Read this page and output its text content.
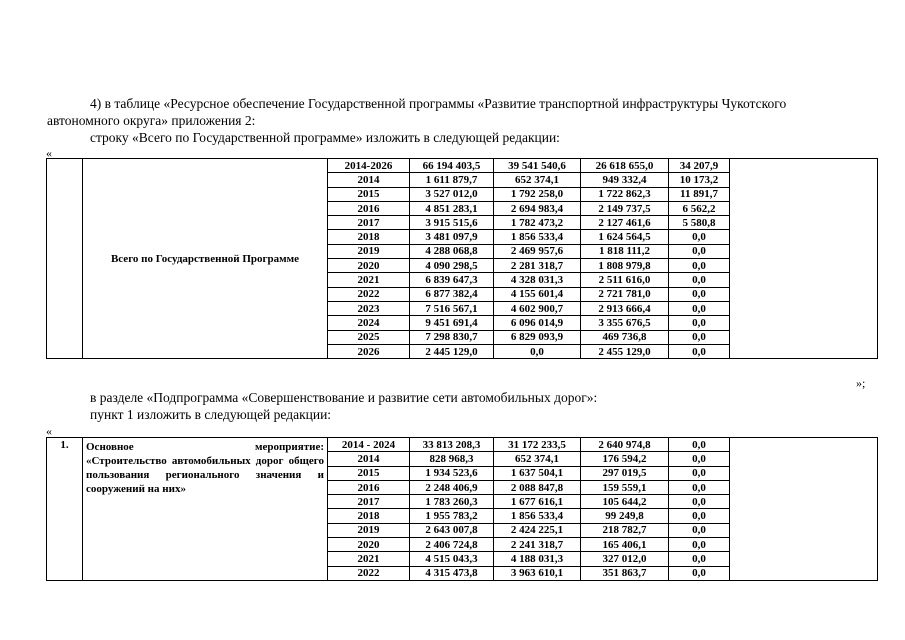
4) в таблице «Ресурсное обеспечение Государственной программы «Развитие транспортной инфраструктуры Чукотского
автономного округа» приложения 2:
строку «Всего по Государственной программе» изложить в следующей редакции:
«
	Всего по Государственной Программе	2014-2026	66 194 403,5	39 541 540,6	26 618 655,0	34 207,9	
		2014	1 611 879,7	652 374,1	949 332,4	10 173,2	
		2015	3 527 012,0	1 792 258,0	1 722 862,3	11 891,7	
		2016	4 851 283,1	2 694 983,4	2 149 737,5	6 562,2	
		2017	3 915 515,6	1 782 473,2	2 127 461,6	5 580,8	
		2018	3 481 097,9	1 856 533,4	1 624 564,5	0,0	
		2019	4 288 068,8	2 469 957,6	1 818 111,2	0,0	
		2020	4 090 298,5	2 281 318,7	1 808 979,8	0,0	
		2021	6 839 647,3	4 328 031,3	2 511 616,0	0,0	
		2022	6 877 382,4	4 155 601,4	2 721 781,0	0,0	
		2023	7 516 567,1	4 602 900,7	2 913 666,4	0,0	
		2024	9 451 691,4	6 096 014,9	3 355 676,5	0,0	
		2025	7 298 830,7	6 829 093,9	469 736,8	0,0	
		2026	2 445 129,0	0,0	2 455 129,0	0,0	
»;
в разделе «Подпрограмма «Совершенствование и развитие сети автомобильных дорог»:
пункт 1 изложить в следующей редакции:
«
1.	Основное мероприятие:
«Строительство автомобильных дорог общего пользования регионального значения и сооружений на них»	2014 - 2024	33 813 208,3	31 172 233,5	2 640 974,8	0,0	
		2014	828 968,3	652 374,1	176 594,2	0,0	
		2015	1 934 523,6	1 637 504,1	297 019,5	0,0	
		2016	2 248 406,9	2 088 847,8	159 559,1	0,0	
		2017	1 783 260,3	1 677 616,1	105 644,2	0,0	
		2018	1 955 783,2	1 856 533,4	99 249,8	0,0	
		2019	2 643 007,8	2 424 225,1	218 782,7	0,0	
		2020	2 406 724,8	2 241 318,7	165 406,1	0,0	
		2021	4 515 043,3	4 188 031,3	327 012,0	0,0	
		2022	4 315 473,8	3 963 610,1	351 863,7	0,0	
